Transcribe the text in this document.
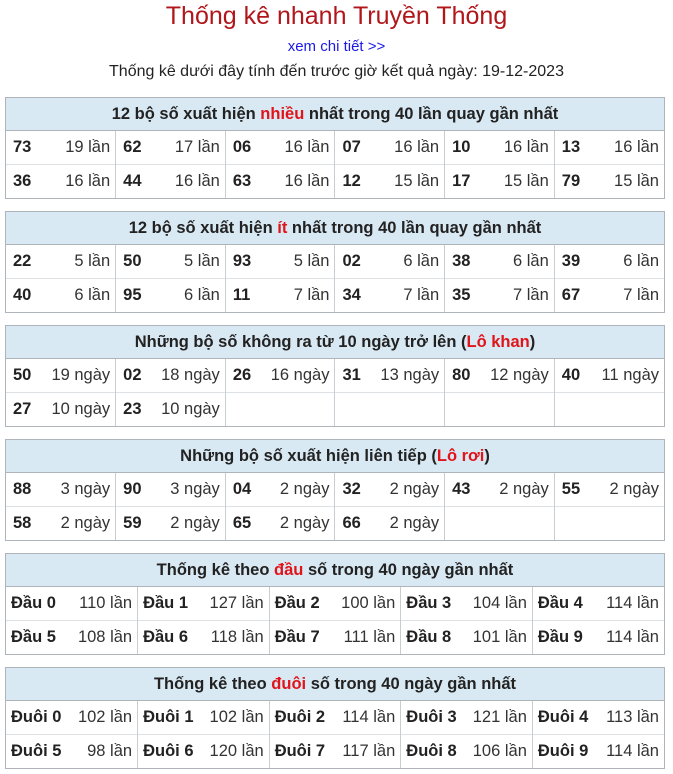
Thống kê nhanh Truyền Thống
xem chi tiết >>
Thống kê dưới đây tính đến trước giờ kết quả ngày: 19-12-2023
12 bộ số xuất hiện nhiều nhất trong 40 lần quay gần nhất
73 19 lần	62 17 lần	06 16 lần	07 16 lần	10 16 lần	13 16 lần

36 16 lần	44 16 lần	63 16 lần	12 15 lần	17 15 lần	79 15 lần
12 bộ số xuất hiện ít nhất trong 40 lần quay gần nhất
22 5 lần	50 5 lần	93 5 lần	02 6 lần	38 6 lần	39 6 lần

40 6 lần	95 6 lần	11 7 lần	34 7 lần	35 7 lần	67 7 lần
Những bộ số không ra từ 10 ngày trở lên (Lô khan)
50 19 ngày	02 18 ngày	26 16 ngày	31 13 ngày	80 12 ngày	40 11 ngày

27 10 ngày	23 10 ngày				

Những bộ số xuất hiện liên tiếp (Lô rơi)
88 3 ngày	90 3 ngày	04 2 ngày	32 2 ngày	43 2 ngày	55 2 ngày

58 2 ngày	59 2 ngày	65 2 ngày	66 2 ngày		

Thống kê theo đầu số trong 40 ngày gần nhất
Đầu 0 110 lần	Đầu 1 127 lần	Đầu 2 100 lần	Đầu 3 104 lần	Đầu 4 114 lần

Đầu 5 108 lần	Đầu 6 118 lần	Đầu 7 111 lần	Đầu 8 101 lần	Đầu 9 114 lần
Thống kê theo đuôi số trong 40 ngày gần nhất
Đuôi 0 102 lần	Đuôi 1 102 lần	Đuôi 2 114 lần	Đuôi 3 121 lần	Đuôi 4 113 lần

Đuôi 5 98 lần	Đuôi 6 120 lần	Đuôi 7 117 lần	Đuôi 8 106 lần	Đuôi 9 114 lần
